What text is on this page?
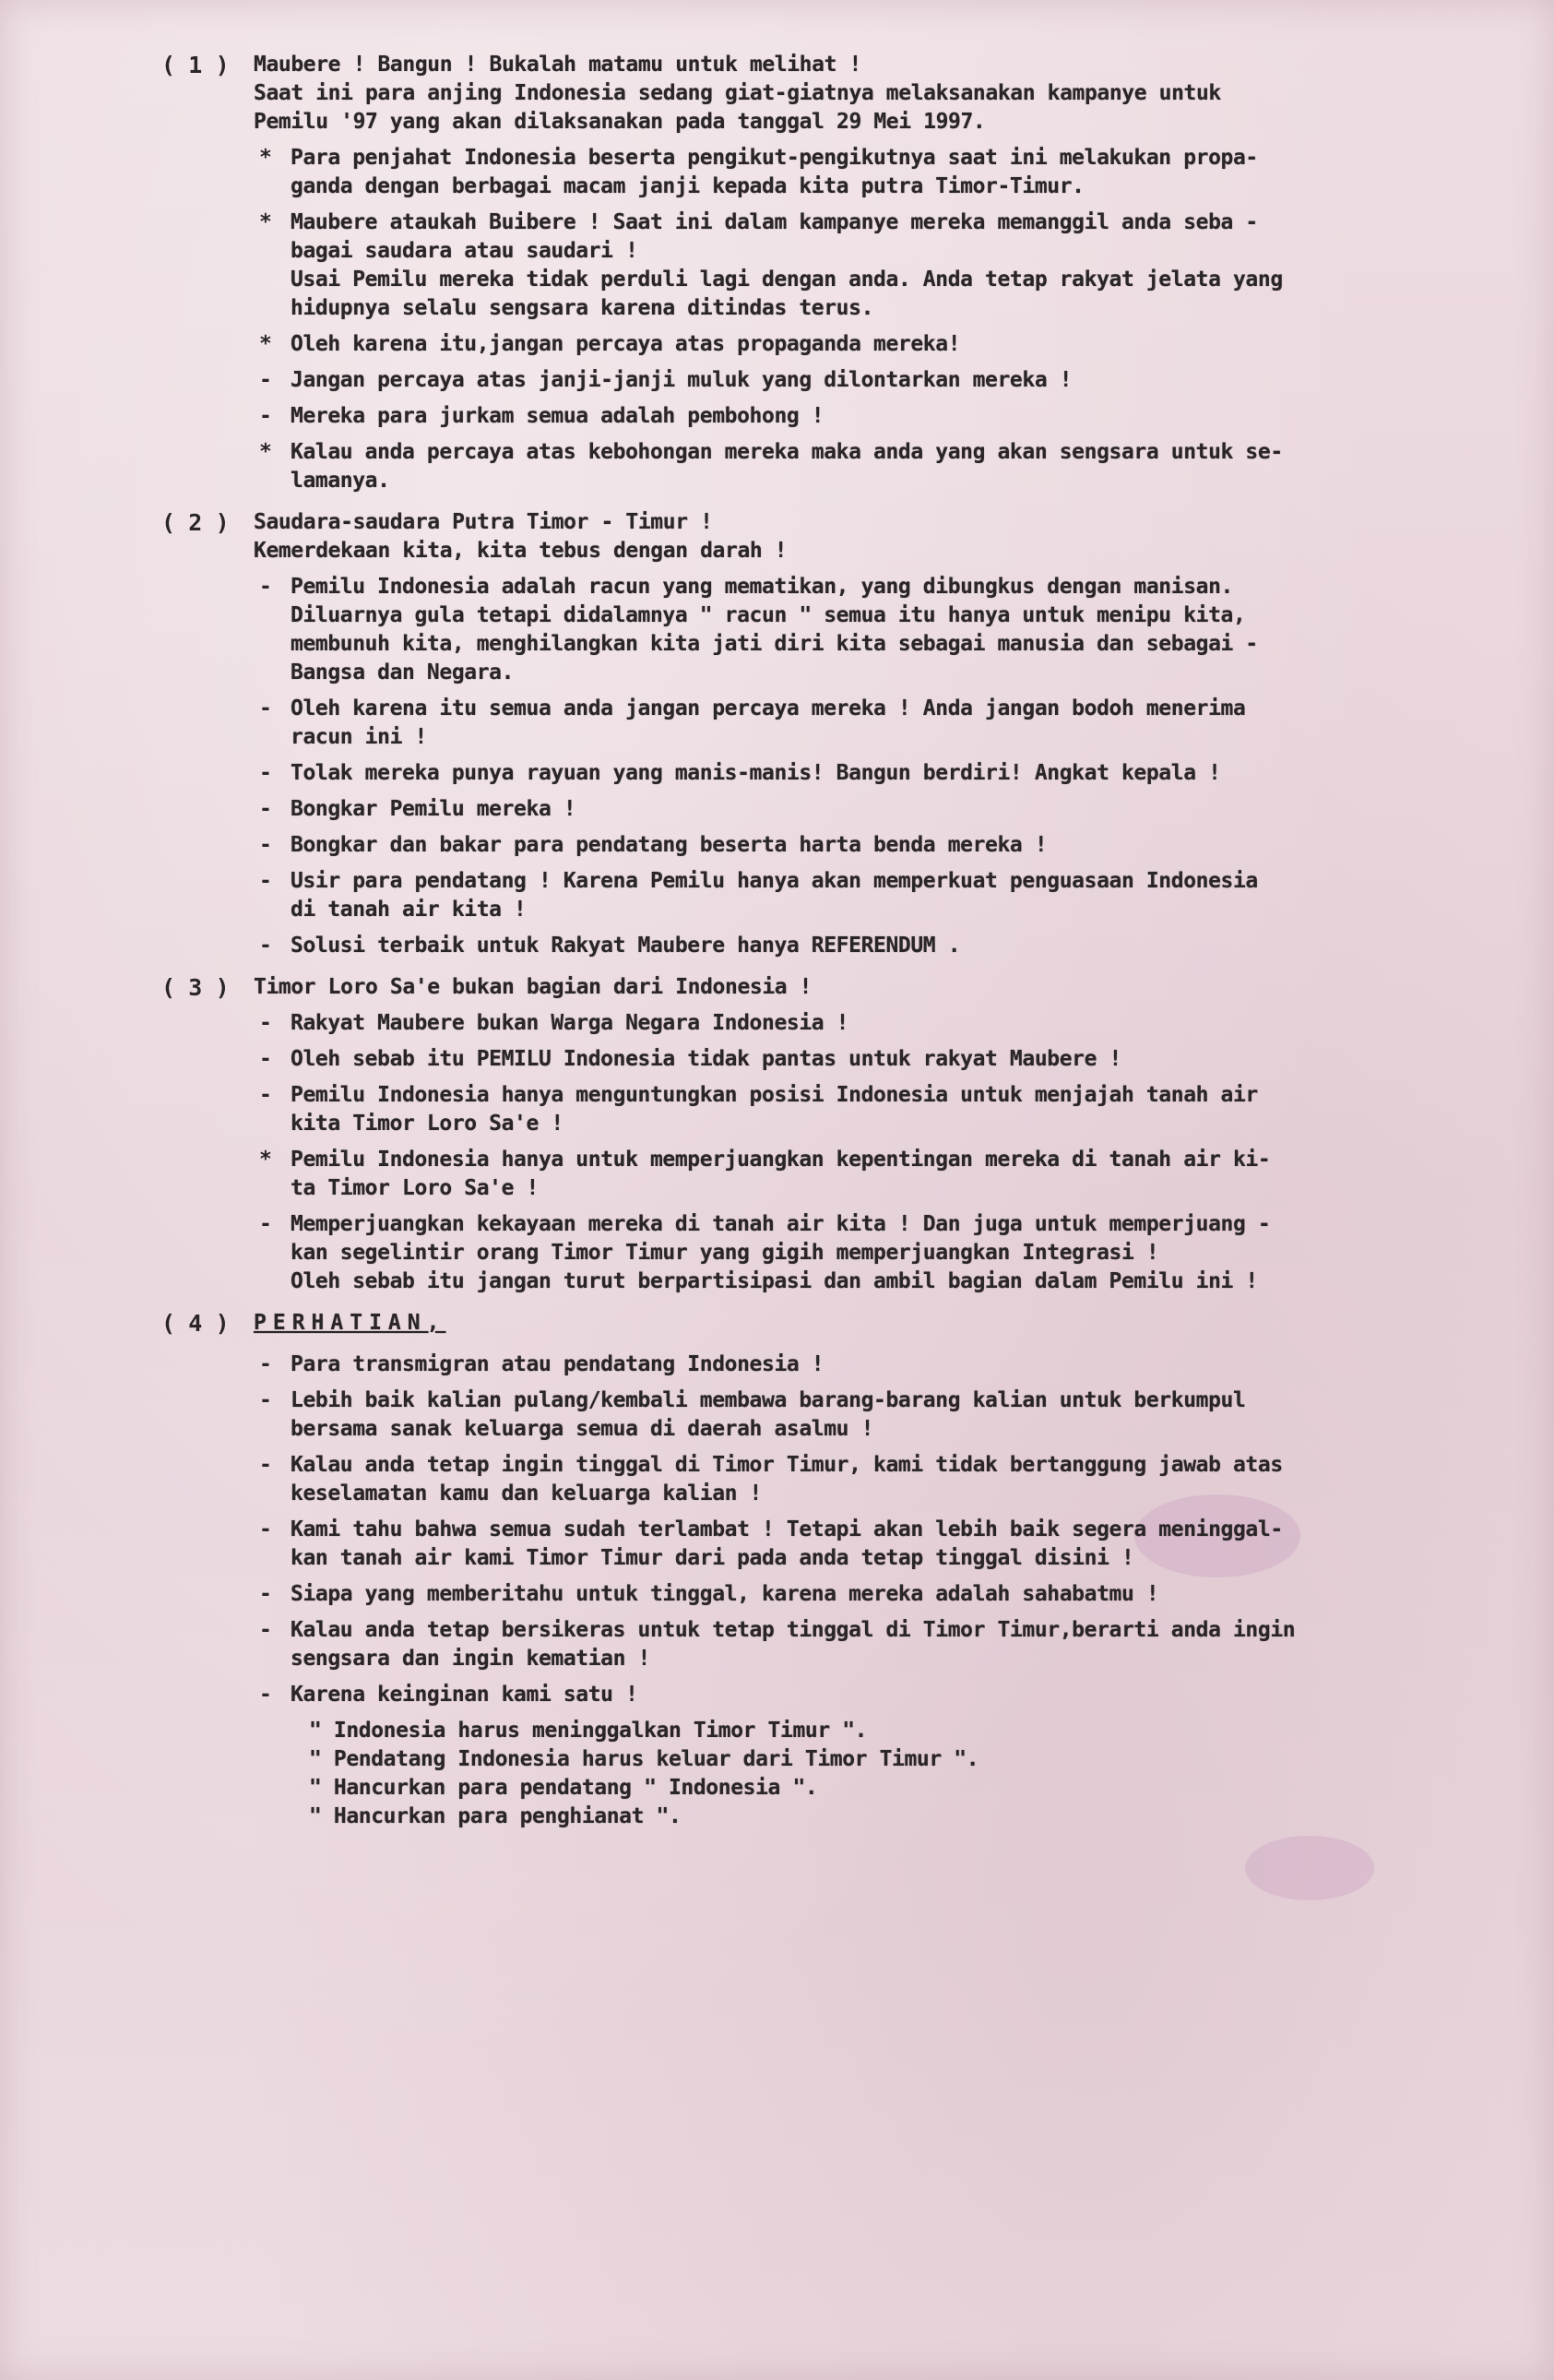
( 1 ) Maubere ! Bangun ! Bukalah matamu untuk melihat !
Saat ini para anjing Indonesia sedang giat-giatnya melaksanakan kampanye untuk
Pemilu '97 yang akan dilaksanakan pada tanggal 29 Mei 1997.
* Para penjahat Indonesia beserta pengikut-pengikutnya saat ini melakukan propa-
ganda dengan berbagai macam janji kepada kita putra Timor-Timur.
* Maubere ataukah Buibere ! Saat ini dalam kampanye mereka memanggil anda seba -
bagai saudara atau saudari !
Usai Pemilu mereka tidak perduli lagi dengan anda. Anda tetap rakyat jelata yang
hidupnya selalu sengsara karena ditindas terus.
* Oleh karena itu,jangan percaya atas propaganda mereka!
- Jangan percaya atas janji-janji muluk yang dilontarkan mereka !
- Mereka para jurkam semua adalah pembohong !
* Kalau anda percaya atas kebohongan mereka maka anda yang akan sengsara untuk se-
lamanya.
( 2 ) Saudara-saudara Putra Timor - Timur !
Kemerdekaan kita, kita tebus dengan darah !
- Pemilu Indonesia adalah racun yang mematikan, yang dibungkus dengan manisan.
Diluarnya gula tetapi didalamnya " racun " semua itu hanya untuk menipu kita,
membunuh kita, menghilangkan kita jati diri kita sebagai manusia dan sebagai -
Bangsa dan Negara.
- Oleh karena itu semua anda jangan percaya mereka ! Anda jangan bodoh menerima
racun ini !
- Tolak mereka punya rayuan yang manis-manis! Bangun berdiri! Angkat kepala !
- Bongkar Pemilu mereka !
- Bongkar dan bakar para pendatang beserta harta benda mereka !
- Usir para pendatang ! Karena Pemilu hanya akan memperkuat penguasaan Indonesia
di tanah air kita !
- Solusi terbaik untuk Rakyat Maubere hanya REFERENDUM .
( 3 ) Timor Loro Sa'e bukan bagian dari Indonesia !
- Rakyat Maubere bukan Warga Negara Indonesia !
- Oleh sebab itu PEMILU Indonesia tidak pantas untuk rakyat Maubere !
- Pemilu Indonesia hanya menguntungkan posisi Indonesia untuk menjajah tanah air
kita Timor Loro Sa'e !
* Pemilu Indonesia hanya untuk memperjuangkan kepentingan mereka di tanah air ki-
ta Timor Loro Sa'e !
- Memperjuangkan kekayaan mereka di tanah air kita ! Dan juga untuk memperjuang -
kan segelintir orang Timor Timur yang gigih memperjuangkan Integrasi !
Oleh sebab itu jangan turut berpartisipasi dan ambil bagian dalam Pemilu ini !
( 4 ) PERHATIAN,
- Para transmigran atau pendatang Indonesia !
- Lebih baik kalian pulang/kembali membawa barang-barang kalian untuk berkumpul
bersama sanak keluarga semua di daerah asalmu !
- Kalau anda tetap ingin tinggal di Timor Timur, kami tidak bertanggung jawab atas
keselamatan kamu dan keluarga kalian !
- Kami tahu bahwa semua sudah terlambat ! Tetapi akan lebih baik segera meninggal-
kan tanah air kami Timor Timur dari pada anda tetap tinggal disini !
- Siapa yang memberitahu untuk tinggal, karena mereka adalah sahabatmu !
- Kalau anda tetap bersikeras untuk tetap tinggal di Timor Timur,berarti anda ingin
sengsara dan ingin kematian !
- Karena keinginan kami satu !
" Indonesia harus meninggalkan Timor Timur ".
" Pendatang Indonesia harus keluar dari Timor Timur ".
" Hancurkan para pendatang " Indonesia ".
" Hancurkan para penghianat ".
